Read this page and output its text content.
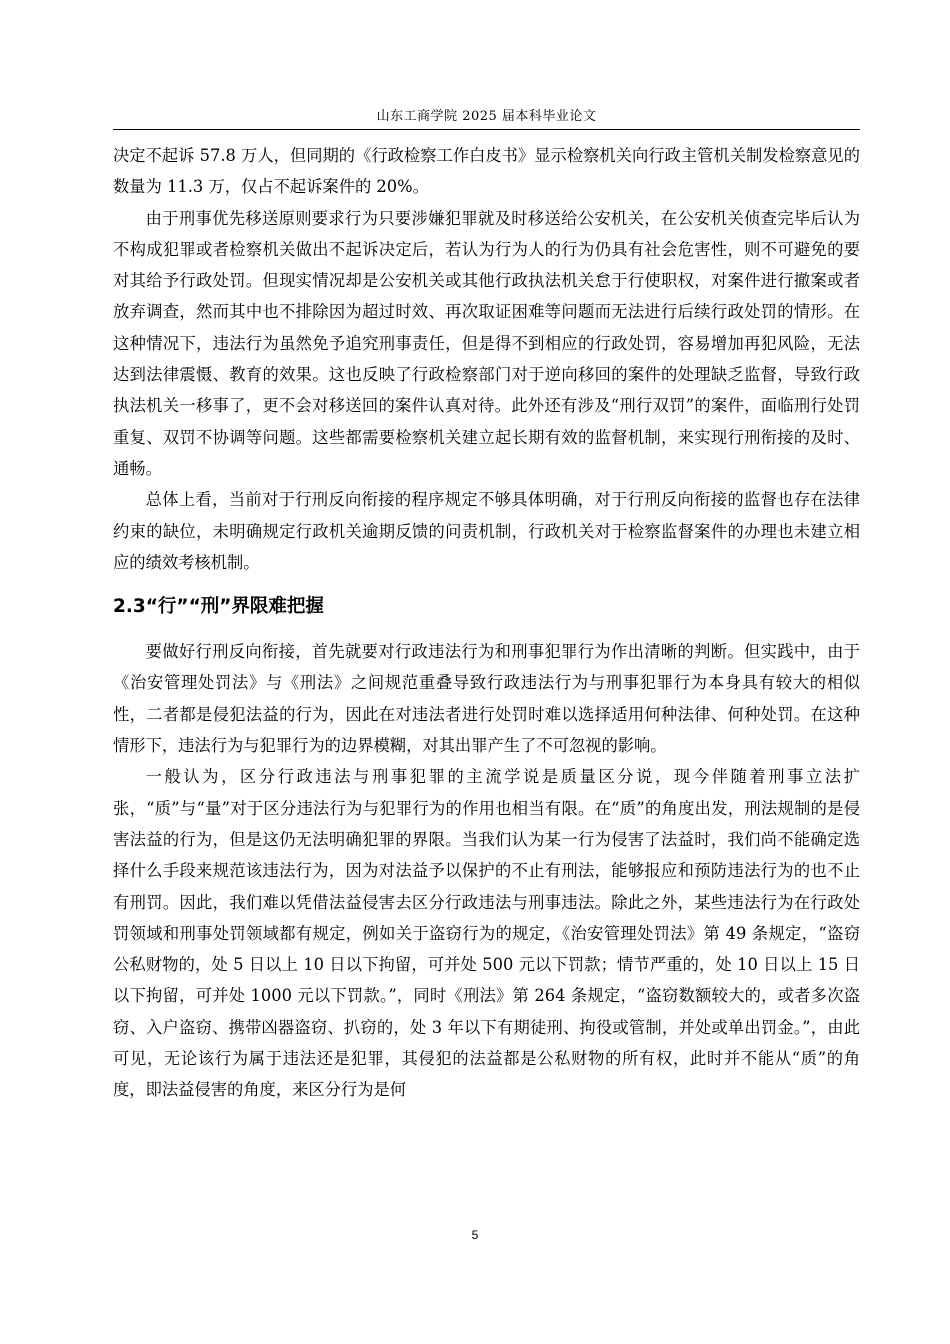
山东工商学院 2025 届本科毕业论文

决定不起诉 57.8 万人，但同期的《行政检察工作白皮书》显示检察机关向行政主管机关制发检察意见的数量为 11.3 万，仅占不起诉案件的 20%。

由于刑事优先移送原则要求行为只要涉嫌犯罪就及时移送给公安机关，在公安机关侦查完毕后认为不构成犯罪或者检察机关做出不起诉决定后，若认为行为人的行为仍具有社会危害性，则不可避免的要对其给予行政处罚。但现实情况却是公安机关或其他行政执法机关怠于行使职权，对案件进行撤案或者放弃调查，然而其中也不排除因为超过时效、再次取证困难等问题而无法进行后续行政处罚的情形。在这种情况下，违法行为虽然免予追究刑事责任，但是得不到相应的行政处罚，容易增加再犯风险，无法达到法律震慑、教育的效果。这也反映了行政检察部门对于逆向移回的案件的处理缺乏监督，导致行政执法机关一移事了，更不会对移送回的案件认真对待。此外还有涉及“刑行双罚”的案件，面临刑行处罚重复、双罚不协调等问题。这些都需要检察机关建立起长期有效的监督机制，来实现行刑衔接的及时、通畅。

总体上看，当前对于行刑反向衔接的程序规定不够具体明确，对于行刑反向衔接的监督也存在法律约束的缺位，未明确规定行政机关逾期反馈的问责机制，行政机关对于检察监督案件的办理也未建立相应的绩效考核机制。

2.3“行”“刑”界限难把握

要做好行刑反向衔接，首先就要对行政违法行为和刑事犯罪行为作出清晰的判断。但实践中，由于《治安管理处罚法》与《刑法》之间规范重叠导致行政违法行为与刑事犯罪行为本身具有较大的相似性，二者都是侵犯法益的行为，因此在对违法者进行处罚时难以选择适用何种法律、何种处罚。在这种情形下，违法行为与犯罪行为的边界模糊，对其出罪产生了不可忽视的影响。

一般认为，区分行政违法与刑事犯罪的主流学说是质量区分说，现今伴随着刑事立法扩张，“质”与“量”对于区分违法行为与犯罪行为的作用也相当有限。在“质”的角度出发，刑法规制的是侵害法益的行为，但是这仍无法明确犯罪的界限。当我们认为某一行为侵害了法益时，我们尚不能确定选择什么手段来规范该违法行为，因为对法益予以保护的不止有刑法，能够报应和预防违法行为的也不止有刑罚。因此，我们难以凭借法益侵害去区分行政违法与刑事违法。除此之外，某些违法行为在行政处罚领域和刑事处罚领域都有规定，例如关于盗窃行为的规定，《治安管理处罚法》第 49 条规定，“盗窃公私财物的，处 5 日以上 10 日以下拘留，可并处 500 元以下罚款；情节严重的，处 10 日以上 15 日以下拘留，可并处 1000 元以下罚款。”，同时《刑法》第 264 条规定，“盗窃数额较大的，或者多次盗窃、入户盗窃、携带凶器盗窃、扒窃的，处 3 年以下有期徒刑、拘役或管制，并处或单出罚金。”，由此可见，无论该行为属于违法还是犯罪，其侵犯的法益都是公私财物的所有权，此时并不能从“质”的角度，即法益侵害的角度，来区分行为是何

5
